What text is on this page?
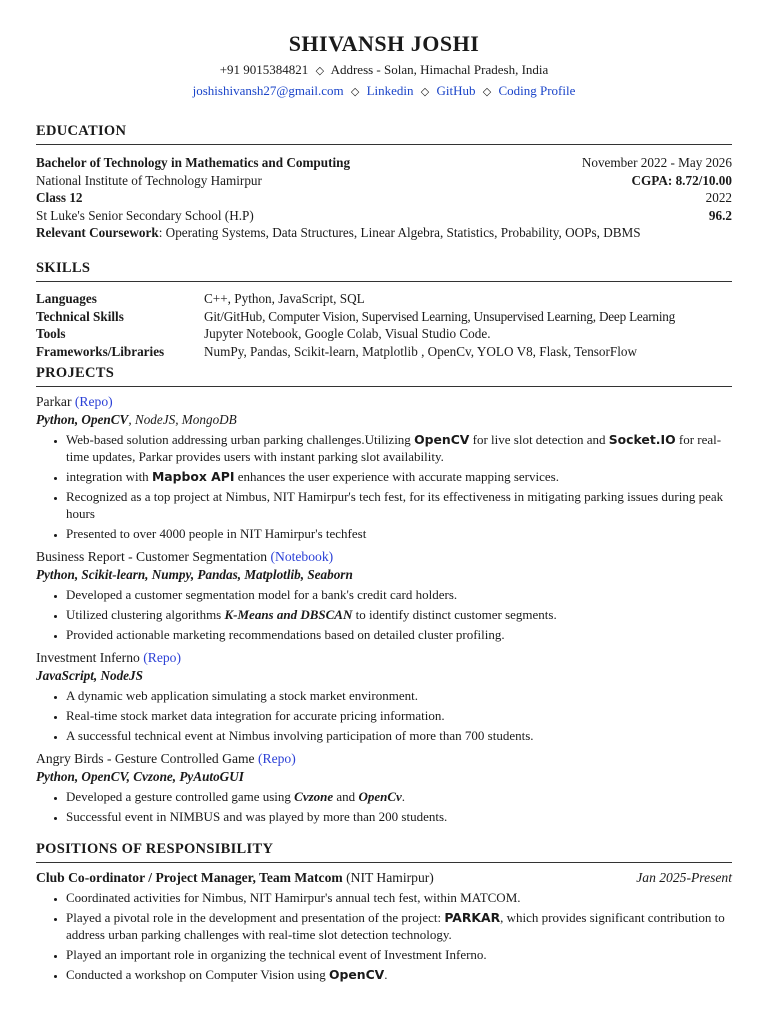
SHIVANSH JOSHI
+91 9015384821 ◇ Address - Solan, Himachal Pradesh, India
joshishivansh27@gmail.com ◇ Linkedin ◇ GitHub ◇ Coding Profile
EDUCATION
Bachelor of Technology in Mathematics and Computing	November 2022 - May 2026
National Institute of Technology Hamirpur	CGPA: 8.72/10.00
Class 12	2022
St Luke's Senior Secondary School (H.P)	96.2
Relevant Coursework: Operating Systems, Data Structures, Linear Algebra, Statistics, Probability, OOPs, DBMS
SKILLS
Languages	C++, Python, JavaScript, SQL
Technical Skills	Git/GitHub, Computer Vision, Supervised Learning, Unsupervised Learning, Deep Learning
Tools	Jupyter Notebook, Google Colab, Visual Studio Code.
Frameworks/Libraries	NumPy, Pandas, Scikit-learn, Matplotlib , OpenCv, YOLO V8, Flask, TensorFlow
PROJECTS
Parkar (Repo)
Python, OpenCV, NodeJS, MongoDB
• Web-based solution addressing urban parking challenges.Utilizing OpenCV for live slot detection and Socket.IO for real-time updates, Parkar provides users with instant parking slot availability.
• integration with Mapbox API enhances the user experience with accurate mapping services.
• Recognized as a top project at Nimbus, NIT Hamirpur's tech fest, for its effectiveness in mitigating parking issues during peak hours
• Presented to over 4000 people in NIT Hamirpur's techfest
Business Report - Customer Segmentation (Notebook)
Python, Scikit-learn, Numpy, Pandas, Matplotlib, Seaborn
• Developed a customer segmentation model for a bank's credit card holders.
• Utilized clustering algorithms K-Means and DBSCAN to identify distinct customer segments.
• Provided actionable marketing recommendations based on detailed cluster profiling.
Investment Inferno (Repo)
JavaScript, NodeJS
• A dynamic web application simulating a stock market environment.
• Real-time stock market data integration for accurate pricing information.
• A successful technical event at Nimbus involving participation of more than 700 students.
Angry Birds - Gesture Controlled Game (Repo)
Python, OpenCV, Cvzone, PyAutoGUI
• Developed a gesture controlled game using Cvzone and OpenCv.
• Successful event in NIMBUS and was played by more than 200 students.
POSITIONS OF RESPONSIBILITY
Club Co-ordinator / Project Manager, Team Matcom (NIT Hamirpur)	Jan 2025-Present
• Coordinated activities for Nimbus, NIT Hamirpur's annual tech fest, within MATCOM.
• Played a pivotal role in the development and presentation of the project: PARKAR, which provides significant contribution to address urban parking challenges with real-time slot detection technology.
• Played an important role in organizing the technical event of Investment Inferno.
• Conducted a workshop on Computer Vision using OpenCV.
